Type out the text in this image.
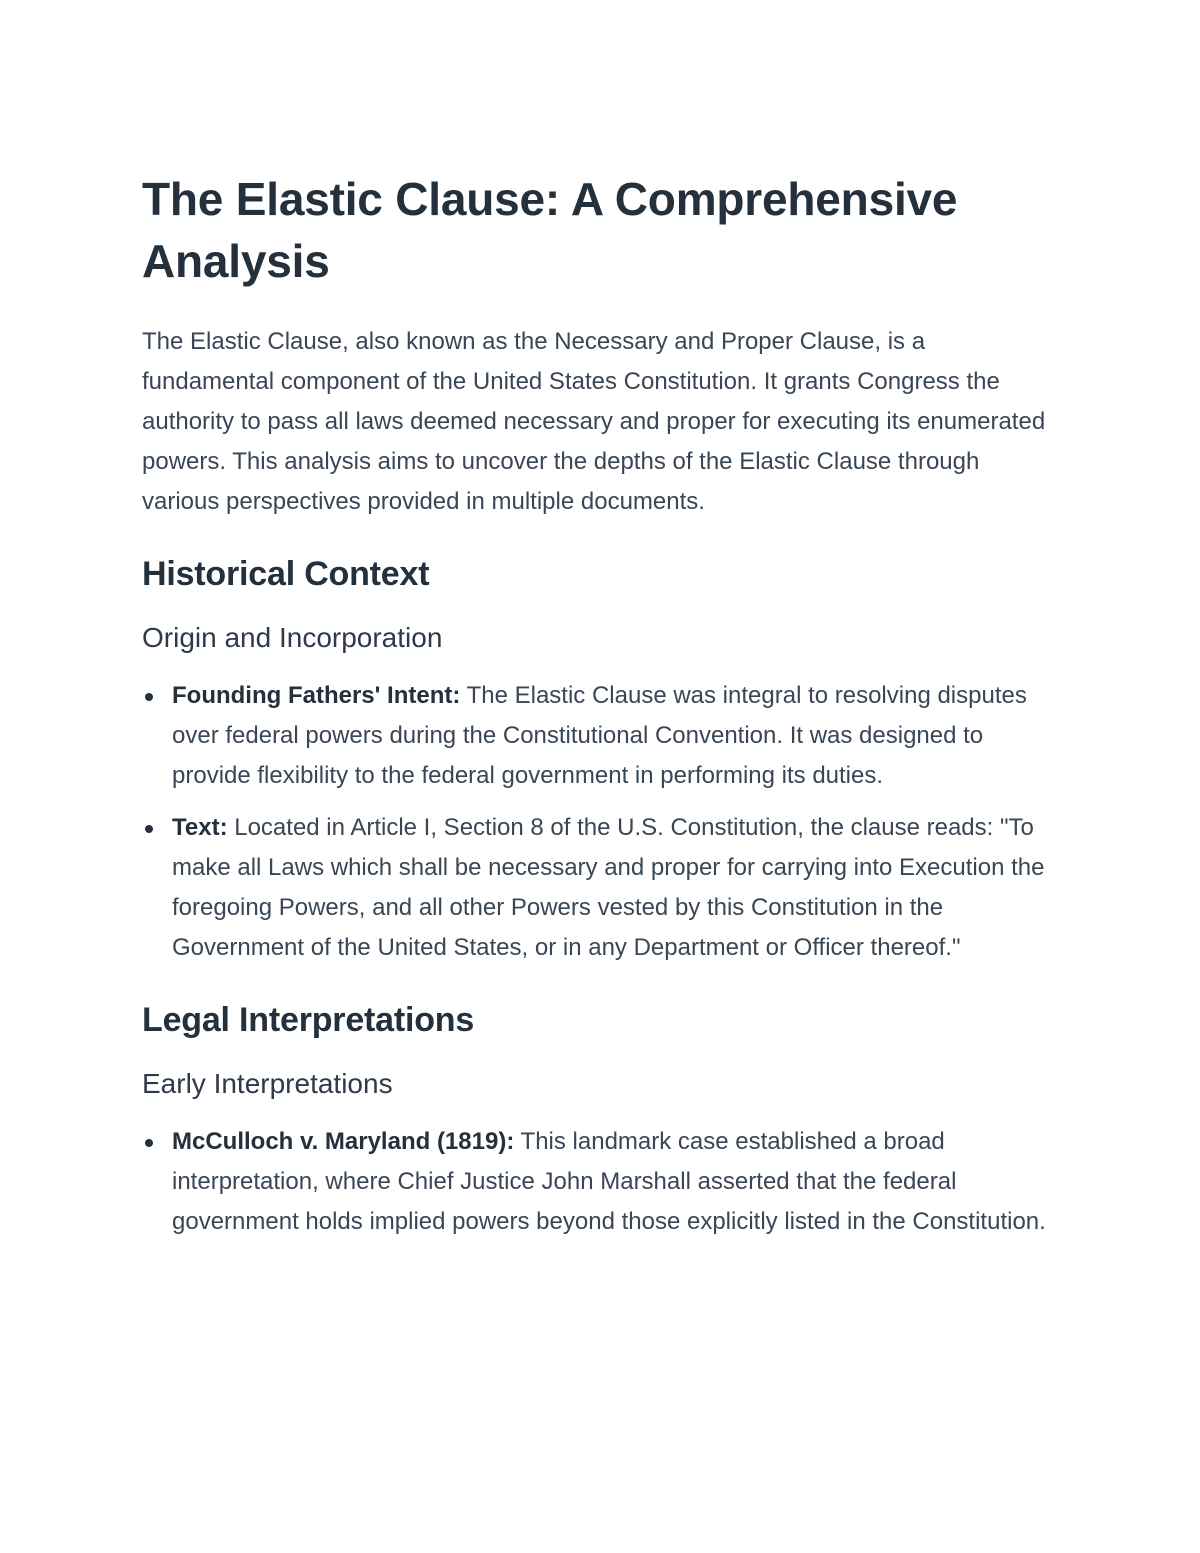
The Elastic Clause: A Comprehensive Analysis

The Elastic Clause, also known as the Necessary and Proper Clause, is a fundamental component of the United States Constitution. It grants Congress the authority to pass all laws deemed necessary and proper for executing its enumerated powers. This analysis aims to uncover the depths of the Elastic Clause through various perspectives provided in multiple documents.

Historical Context
Origin and Incorporation
Founding Fathers' Intent: The Elastic Clause was integral to resolving disputes over federal powers during the Constitutional Convention. It was designed to provide flexibility to the federal government in performing its duties.
Text: Located in Article I, Section 8 of the U.S. Constitution, the clause reads: "To make all Laws which shall be necessary and proper for carrying into Execution the foregoing Powers, and all other Powers vested by this Constitution in the Government of the United States, or in any Department or Officer thereof."
Legal Interpretations
Early Interpretations
McCulloch v. Maryland (1819): This landmark case established a broad interpretation, where Chief Justice John Marshall asserted that the federal government holds implied powers beyond those explicitly listed in the Constitution.
